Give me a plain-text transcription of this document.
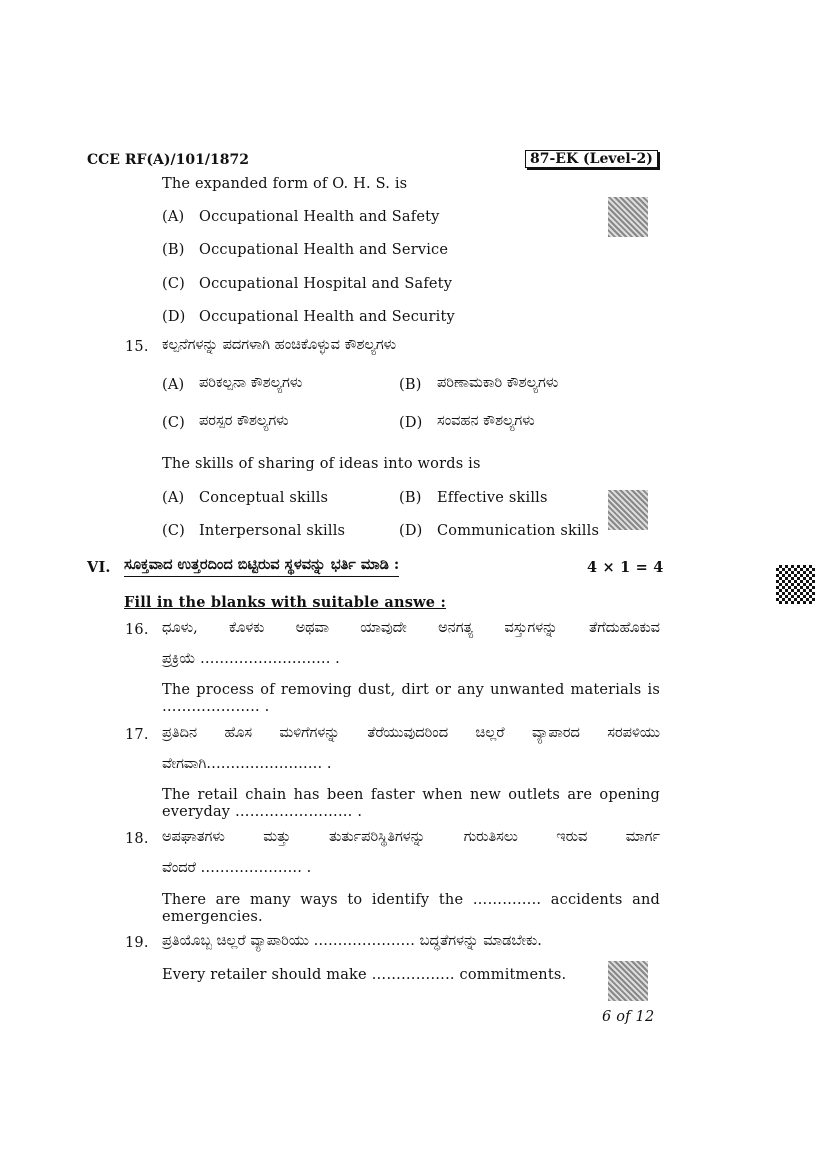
CCE RF(A)/101/1872	87-EK (Level-2)
The expanded form of O. H. S. is
(A) Occupational Health and Safety
(B) Occupational Health and Service
(C) Occupational Hospital and Safety
(D) Occupational Health and Security
15. ಕಲ್ಪನೆಗಳನ್ನು ಪದಗಳಾಗಿ ಹಂಚಿಕೊಳ್ಳುವ ಕೌಶಲ್ಯಗಳು
(A) ಪರಿಕಲ್ಪನಾ ಕೌಶಲ್ಯಗಳು	(B) ಪರಿಣಾಮಕಾರಿ ಕೌಶಲ್ಯಗಳು
(C) ಪರಸ್ಪರ ಕೌಶಲ್ಯಗಳು	(D) ಸಂವಹನ ಕೌಶಲ್ಯಗಳು
The skills of sharing of ideas into words is
(A) Conceptual skills	(B) Effective skills
(C) Interpersonal skills	(D) Communication skills
VI. ಸೂಕ್ತವಾದ ಉತ್ತರದಿಂದ ಬಿಟ್ಟಿರುವ ಸ್ಥಳವನ್ನು ಭರ್ತಿ ಮಾಡಿ :	4 × 1 = 4
Fill in the blanks with suitable answe :
16. ಧೂಳು, ಕೊಳಕು ಅಥವಾ ಯಾವುದೇ ಅನಗತ್ಯ ವಸ್ತುಗಳನ್ನು ತೆಗೆದುಹೊಕುವ
ಪ್ರಕ್ರಿಯೆ ……………………… .
The process of removing dust, dirt or any unwanted materials is
……………….. .
17. ಪ್ರತಿದಿನ ಹೊಸ ಮಳಿಗೆಗಳನ್ನು ತೆರೆಯುವುದರಿಂದ ಚಿಲ್ಲರೆ ವ್ಯಾಪಾರದ ಸರಪಳಿಯು
ವೇಗವಾಗಿ…………………… .
The retail chain has been faster when new outlets are opening
everyday …………………… .
18. ಅಪಘಾತಗಳು ಮತ್ತು ತುರ್ತುಪರಿಸ್ಥಿತಿಗಳನ್ನು ಗುರುತಿಸಲು ಇರುವ ಮಾರ್ಗ
ವೆಂದರೆ ………………… .
There are many ways to identify the ………….. accidents and
emergencies.
19. ಪ್ರತಿಯೊಬ್ಬ ಚಿಲ್ಲರೆ ವ್ಯಾಪಾರಿಯು ………………… ಬದ್ಧತೆಗಳನ್ನು ಮಾಡಬೇಕು.
Every retailer should make …………….. commitments.
6 of 12
